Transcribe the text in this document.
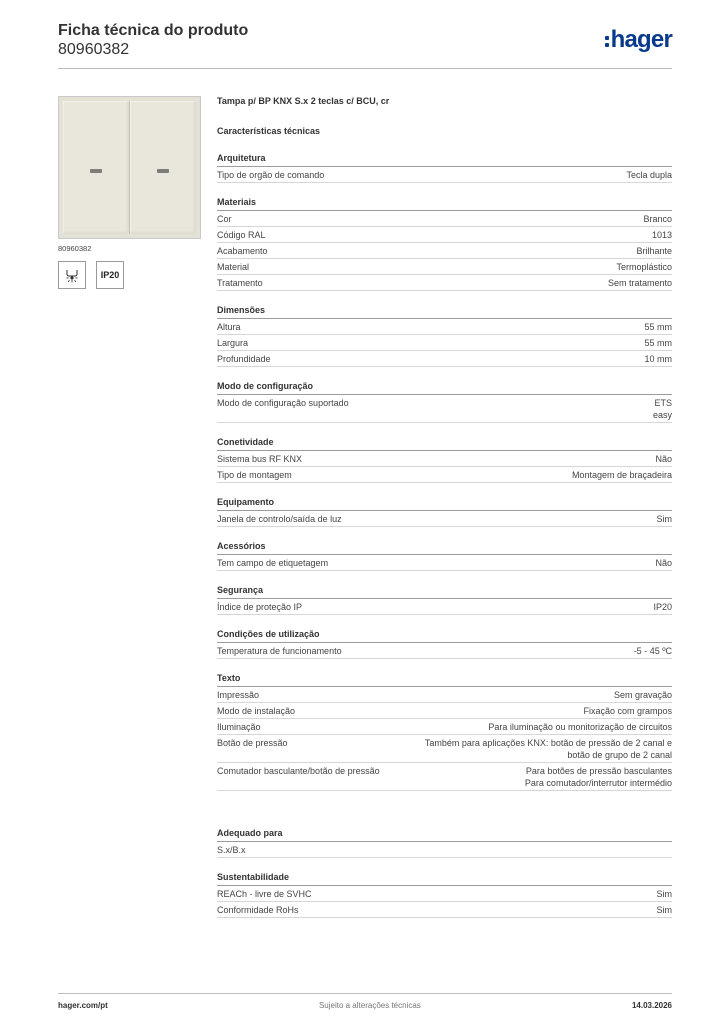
Ficha técnica do produto
80960382	hager
80960382
IP20
Tampa p/ BP KNX S.x 2 teclas c/ BCU, cr
Características técnicas
Arquitetura
Tipo de orgão de comando	Tecla dupla
Materiais
Cor	Branco
Código RAL	1013
Acabamento	Brilhante
Material	Termoplástico
Tratamento	Sem tratamento
Dimensões
Altura	55 mm
Largura	55 mm
Profundidade	10 mm
Modo de configuração
Modo de configuração suportado	ETS
easy
Conetividade
Sistema bus RF KNX	Não
Tipo de montagem	Montagem de braçadeira
Equipamento
Janela de controlo/saída de luz	Sim
Acessórios
Tem campo de etiquetagem	Não
Segurança
Índice de proteção IP	IP20
Condições de utilização
Temperatura de funcionamento	-5 - 45 ºC
Texto
Impressão	Sem gravação
Modo de instalação	Fixação com grampos
Iluminação	Para iluminação ou monitorização de circuitos
Botão de pressão	Também para aplicações KNX: botão de pressão de 2 canal e
botão de grupo de 2 canal
Comutador basculante/botão de pressão	Para botões de pressão basculantes
Para comutador/interrutor intermédio
Adequado para
S.x/B.x
Sustentabilidade
REACh - livre de SVHC	Sim
Conformidade RoHs	Sim
hager.com/pt	Sujeito a alterações técnicas	14.03.2026
